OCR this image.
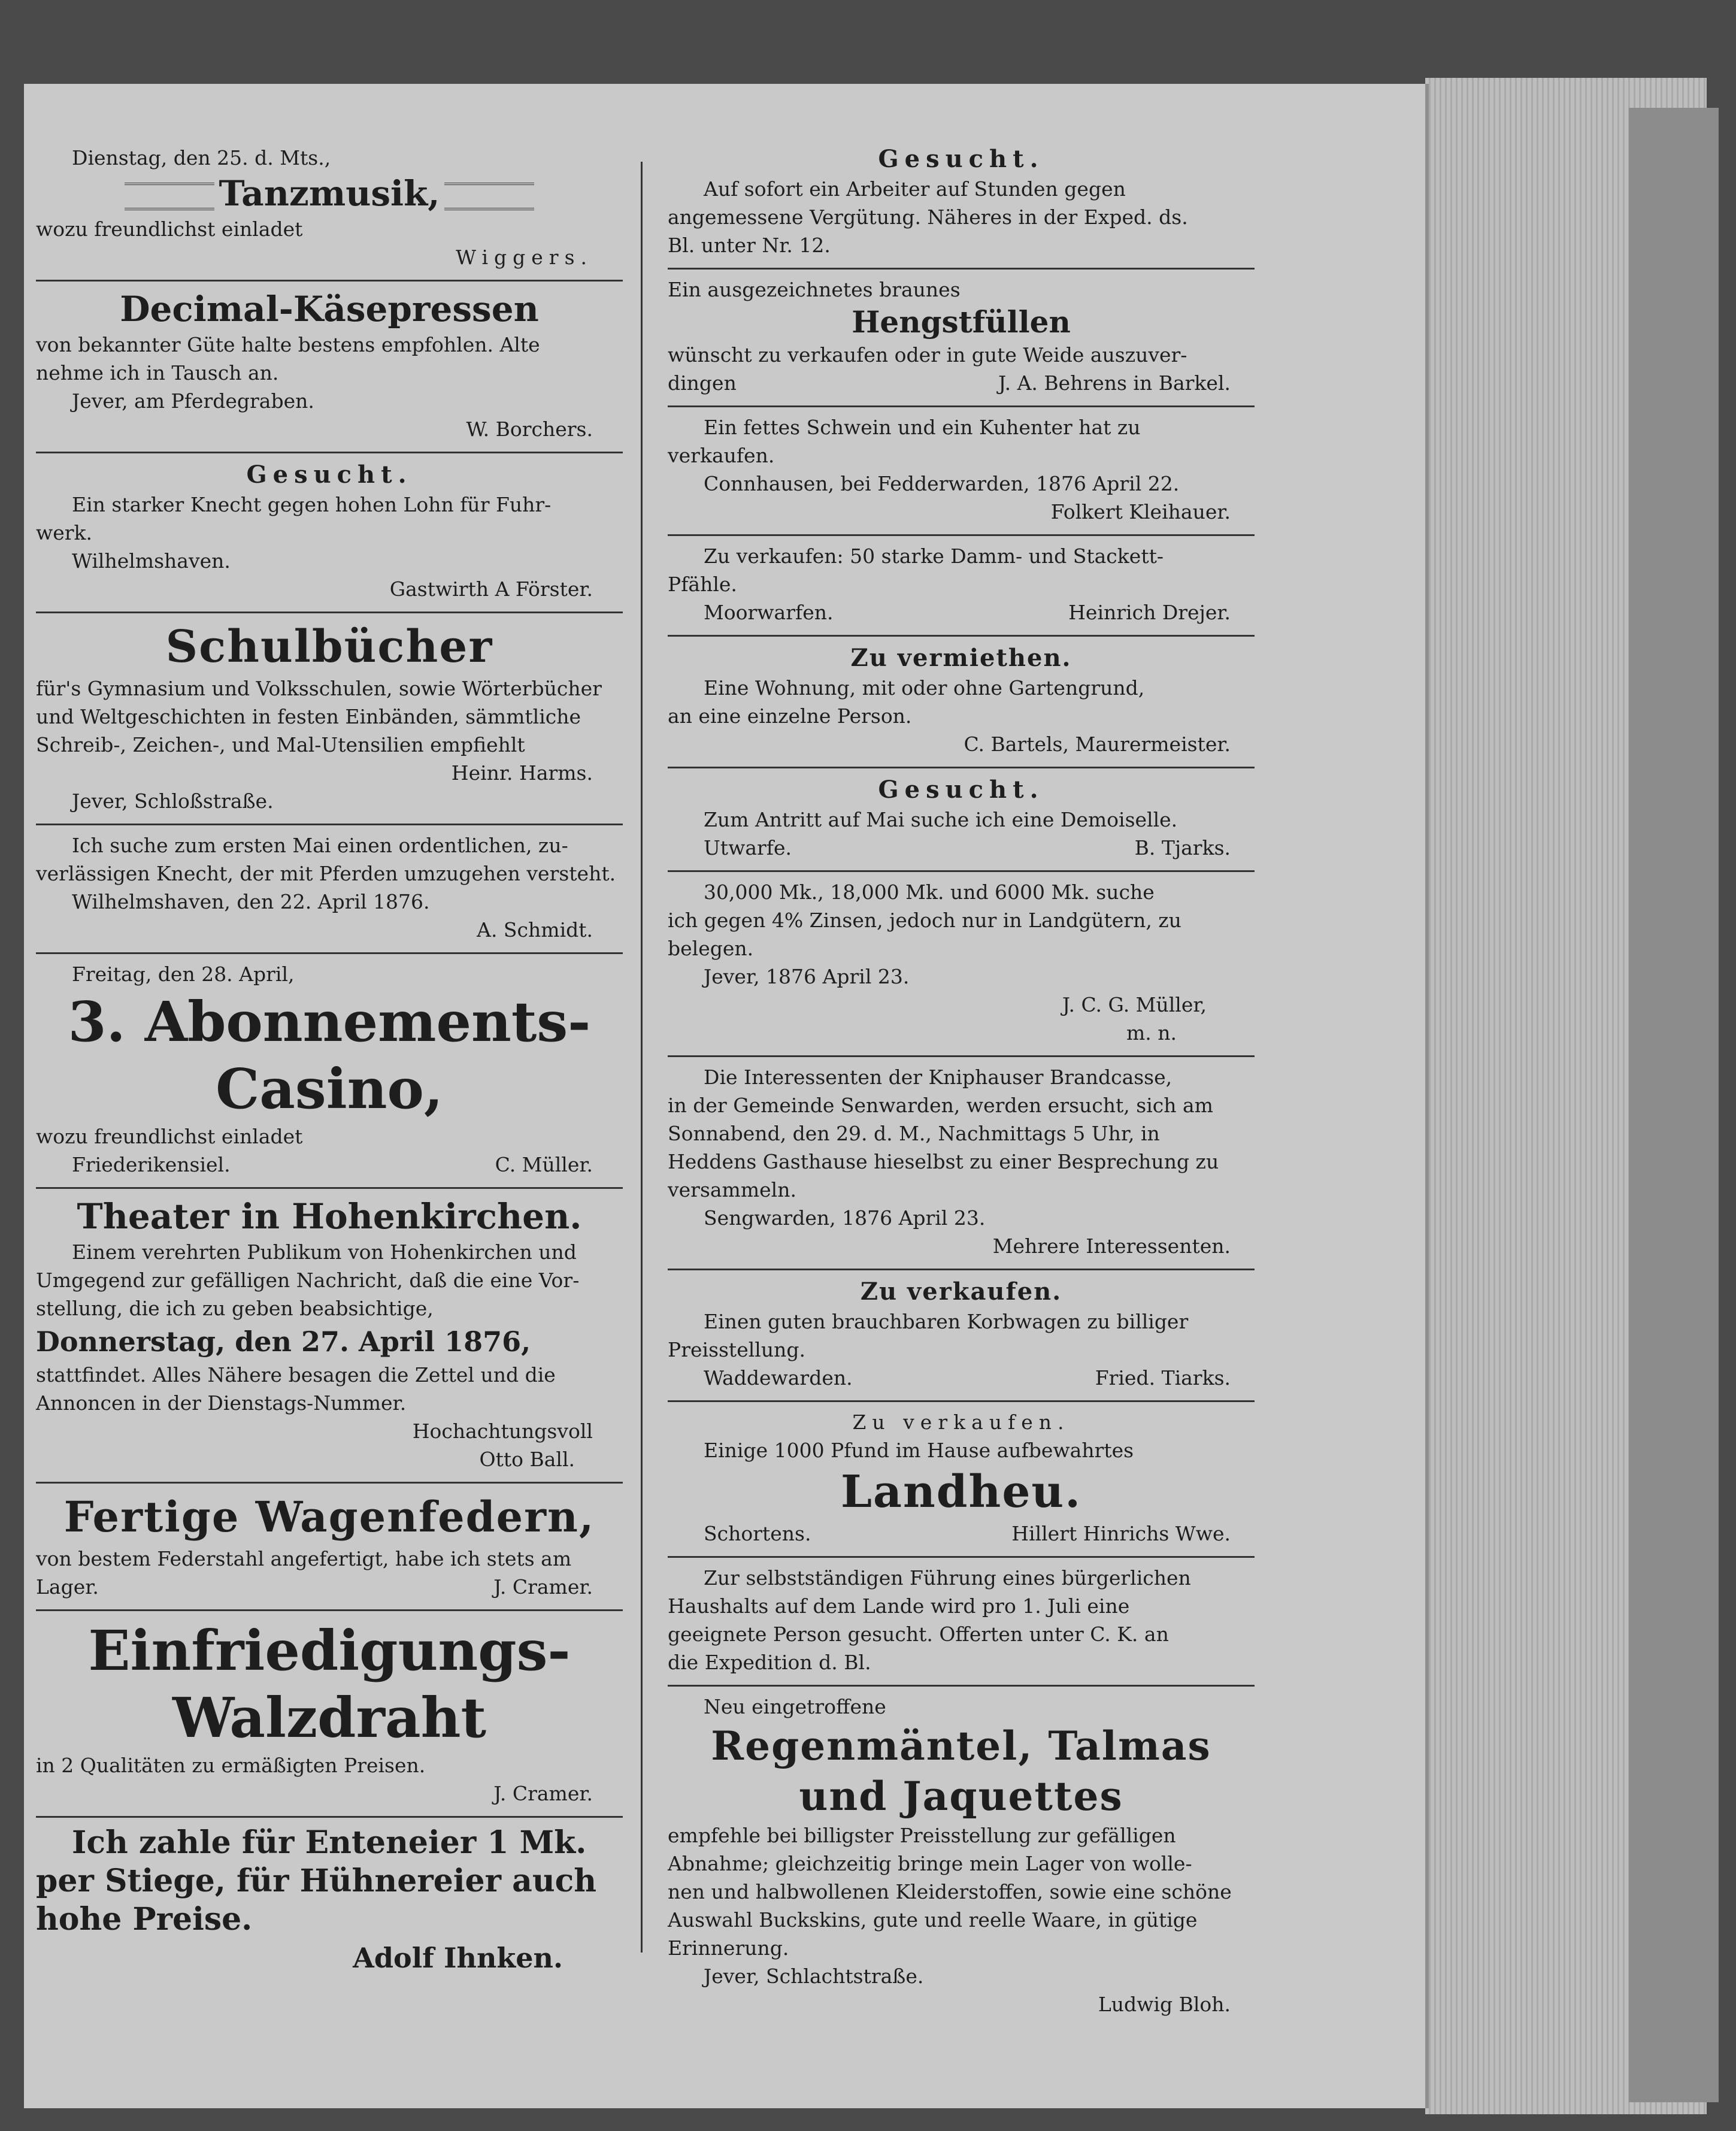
Dienstag, den 25. d. Mts.,
Tanzmusik,
wozu freundlichst einladet
Wiggers.
Decimal-Käsepressen
von bekannter Güte halte bestens empfohlen. Alte
nehme ich in Tausch an.
Jever, am Pferdegraben.
W. Borchers.
Gesucht.
Ein starker Knecht gegen hohen Lohn für Fuhr-
werk.
Wilhelmshaven.
Gastwirth A Förster.
Schulbücher
für's Gymnasium und Volksschulen, sowie Wörterbücher
und Weltgeschichten in festen Einbänden, sämmtliche
Schreib-, Zeichen-, und Mal-Utensilien empfiehlt
Heinr. Harms.
Jever, Schloßstraße.
Ich suche zum ersten Mai einen ordentlichen, zu-
verlässigen Knecht, der mit Pferden umzugehen versteht.
Wilhelmshaven, den 22. April 1876.
A. Schmidt.
Freitag, den 28. April,
3. Abonnements-
Casino,
wozu freundlichst einladet
Friederikensiel.	C. Müller.
Theater in Hohenkirchen.
Einem verehrten Publikum von Hohenkirchen und
Umgegend zur gefälligen Nachricht, daß die eine Vor-
stellung, die ich zu geben beabsichtige,
Donnerstag, den 27. April 1876,
stattfindet. Alles Nähere besagen die Zettel und die
Annoncen in der Dienstags-Nummer.
Hochachtungsvoll
Otto Ball.
Fertige Wagenfedern,
von bestem Federstahl angefertigt, habe ich stets am
Lager.	J. Cramer.
Einfriedigungs-
Walzdraht
in 2 Qualitäten zu ermäßigten Preisen.
J. Cramer.
Ich zahle für Enteneier 1 Mk.
per Stiege, für Hühnereier auch
hohe Preise.
Adolf Ihnken.
Gesucht.
Auf sofort ein Arbeiter auf Stunden gegen
angemessene Vergütung. Näheres in der Exped. ds.
Bl. unter Nr. 12.
Ein ausgezeichnetes braunes
Hengstfüllen
wünscht zu verkaufen oder in gute Weide auszuver-
dingen	J. A. Behrens in Barkel.
Ein fettes Schwein und ein Kuhenter hat zu
verkaufen.
Connhausen, bei Fedderwarden, 1876 April 22.
Folkert Kleihauer.
Zu verkaufen: 50 starke Damm- und Stackett-
Pfähle.
Moorwarfen.	Heinrich Drejer.
Zu vermiethen.
Eine Wohnung, mit oder ohne Gartengrund,
an eine einzelne Person.
C. Bartels, Maurermeister.
Gesucht.
Zum Antritt auf Mai suche ich eine Demoiselle.
Utwarfe.	B. Tjarks.
30,000 Mk., 18,000 Mk. und 6000 Mk. suche
ich gegen 4% Zinsen, jedoch nur in Landgütern, zu
belegen.
Jever, 1876 April 23.
J. C. G. Müller,
m. n.
Die Interessenten der Kniphauser Brandcasse,
in der Gemeinde Senwarden, werden ersucht, sich am
Sonnabend, den 29. d. M., Nachmittags 5 Uhr, in
Heddens Gasthause hieselbst zu einer Besprechung zu
versammeln.
Sengwarden, 1876 April 23.
Mehrere Interessenten.
Zu verkaufen.
Einen guten brauchbaren Korbwagen zu billiger
Preisstellung.
Waddewarden.	Fried. Tiarks.
Zu verkaufen.
Einige 1000 Pfund im Hause aufbewahrtes
Landheu.
Schortens.	Hillert Hinrichs Wwe.
Zur selbstständigen Führung eines bürgerlichen
Haushalts auf dem Lande wird pro 1. Juli eine
geeignete Person gesucht. Offerten unter C. K. an
die Expedition d. Bl.
Neu eingetroffene
Regenmäntel, Talmas
und Jaquettes
empfehle bei billigster Preisstellung zur gefälligen
Abnahme; gleichzeitig bringe mein Lager von wolle-
nen und halbwollenen Kleiderstoffen, sowie eine schöne
Auswahl Buckskins, gute und reelle Waare, in gütige
Erinnerung.
Jever, Schlachtstraße.
Ludwig Bloh.
